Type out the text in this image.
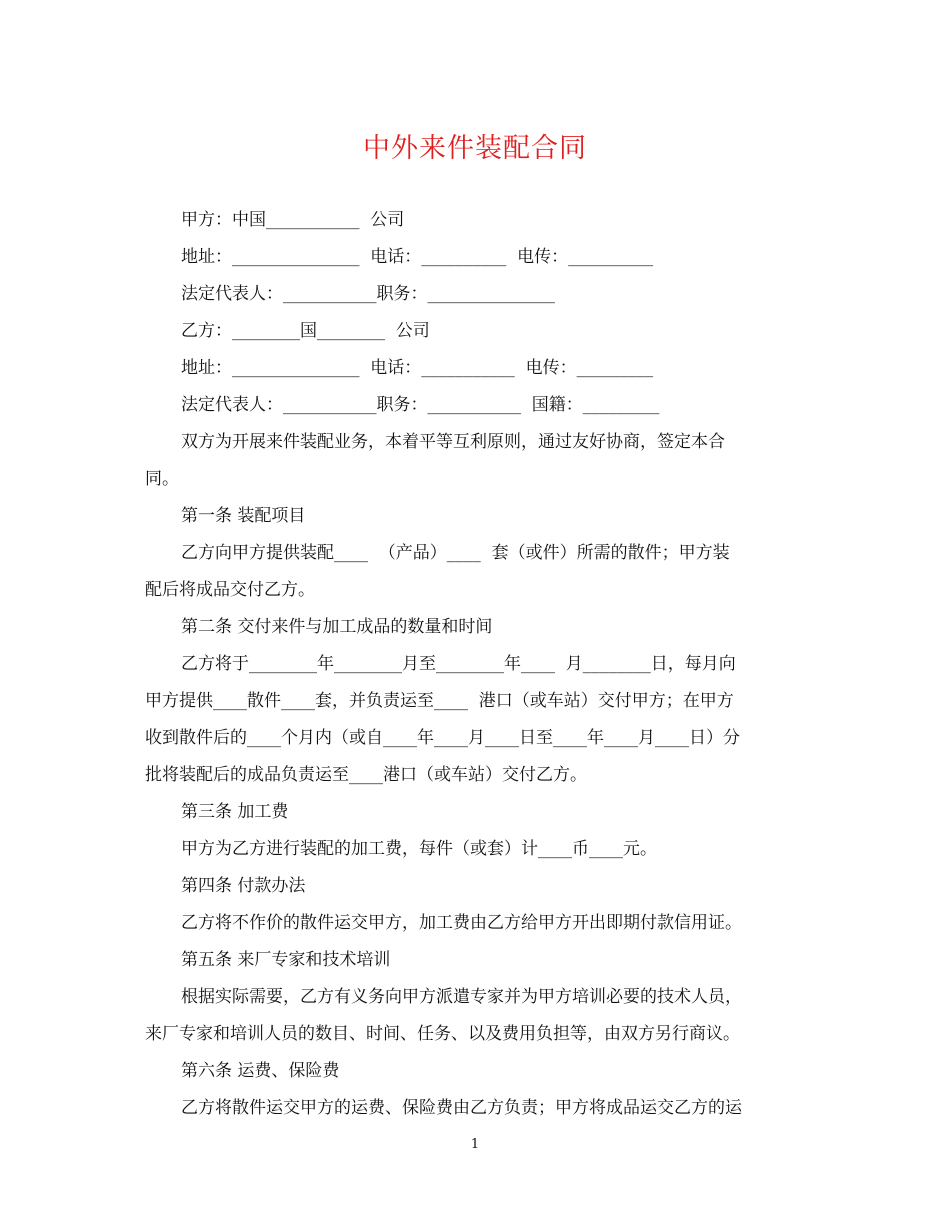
中外来件装配合同
甲方：中国___________  公司
地址：_______________  电话：__________  电传：__________
法定代表人：___________职务：_______________
乙方：________国________  公司
地址：_______________  电话：___________  电传：_________
法定代表人：___________职务：___________  国籍：_________
双方为开展来件装配业务，本着平等互利原则，通过友好协商，签定本合
同。
第一条 装配项目
乙方向甲方提供装配____  （产品）____  套（或件）所需的散件；甲方装
配后将成品交付乙方。
第二条 交付来件与加工成品的数量和时间
乙方将于________年________月至________年____  月________日，每月向
甲方提供____散件____套，并负责运至____  港口（或车站）交付甲方；在甲方
收到散件后的____个月内（或自____年____月____日至____年____月____日）分
批将装配后的成品负责运至____港口（或车站）交付乙方。
第三条 加工费
甲方为乙方进行装配的加工费，每件（或套）计____币____元。
第四条 付款办法
乙方将不作价的散件运交甲方，加工费由乙方给甲方开出即期付款信用证。
第五条 来厂专家和技术培训
根据实际需要，乙方有义务向甲方派遣专家并为甲方培训必要的技术人员，
来厂专家和培训人员的数目、时间、任务、以及费用负担等，由双方另行商议。
第六条 运费、保险费
乙方将散件运交甲方的运费、保险费由乙方负责；甲方将成品运交乙方的运
1
